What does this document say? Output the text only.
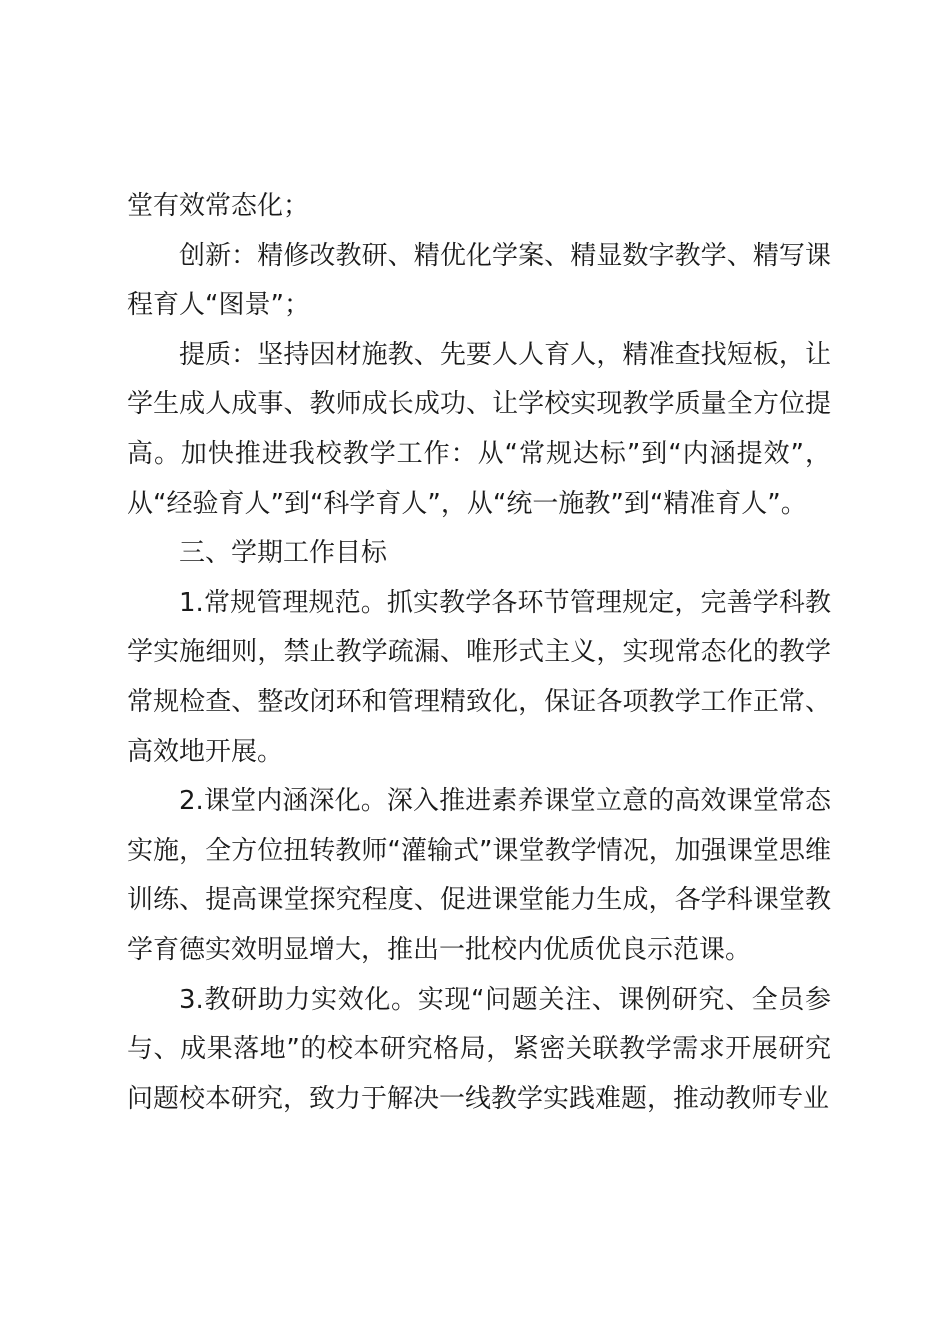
堂有效常态化；

创新：精修改教研、精优化学案、精显数字教学、精写课程育人“图景”；

提质：坚持因材施教、先要人人育人，精准查找短板，让学生成人成事、教师成长成功、让学校实现教学质量全方位提高。加快推进我校教学工作：从“常规达标”到“内涵提效”，从“经验育人”到“科学育人”，从“统一施教”到“精准育人”。

三、学期工作目标

1.常规管理规范。抓实教学各环节管理规定，完善学科教学实施细则，禁止教学疏漏、唯形式主义，实现常态化的教学常规检查、整改闭环和管理精致化，保证各项教学工作正常、高效地开展。

2.课堂内涵深化。深入推进素养课堂立意的高效课堂常态实施，全方位扭转教师“灌输式”课堂教学情况，加强课堂思维训练、提高课堂探究程度、促进课堂能力生成，各学科课堂教学育德实效明显增大，推出一批校内优质优良示范课。

3.教研助力实效化。实现“问题关注、课例研究、全员参与、成果落地”的校本研究格局，紧密关联教学需求开展研究问题校本研究，致力于解决一线教学实践难题，推动教师专业
